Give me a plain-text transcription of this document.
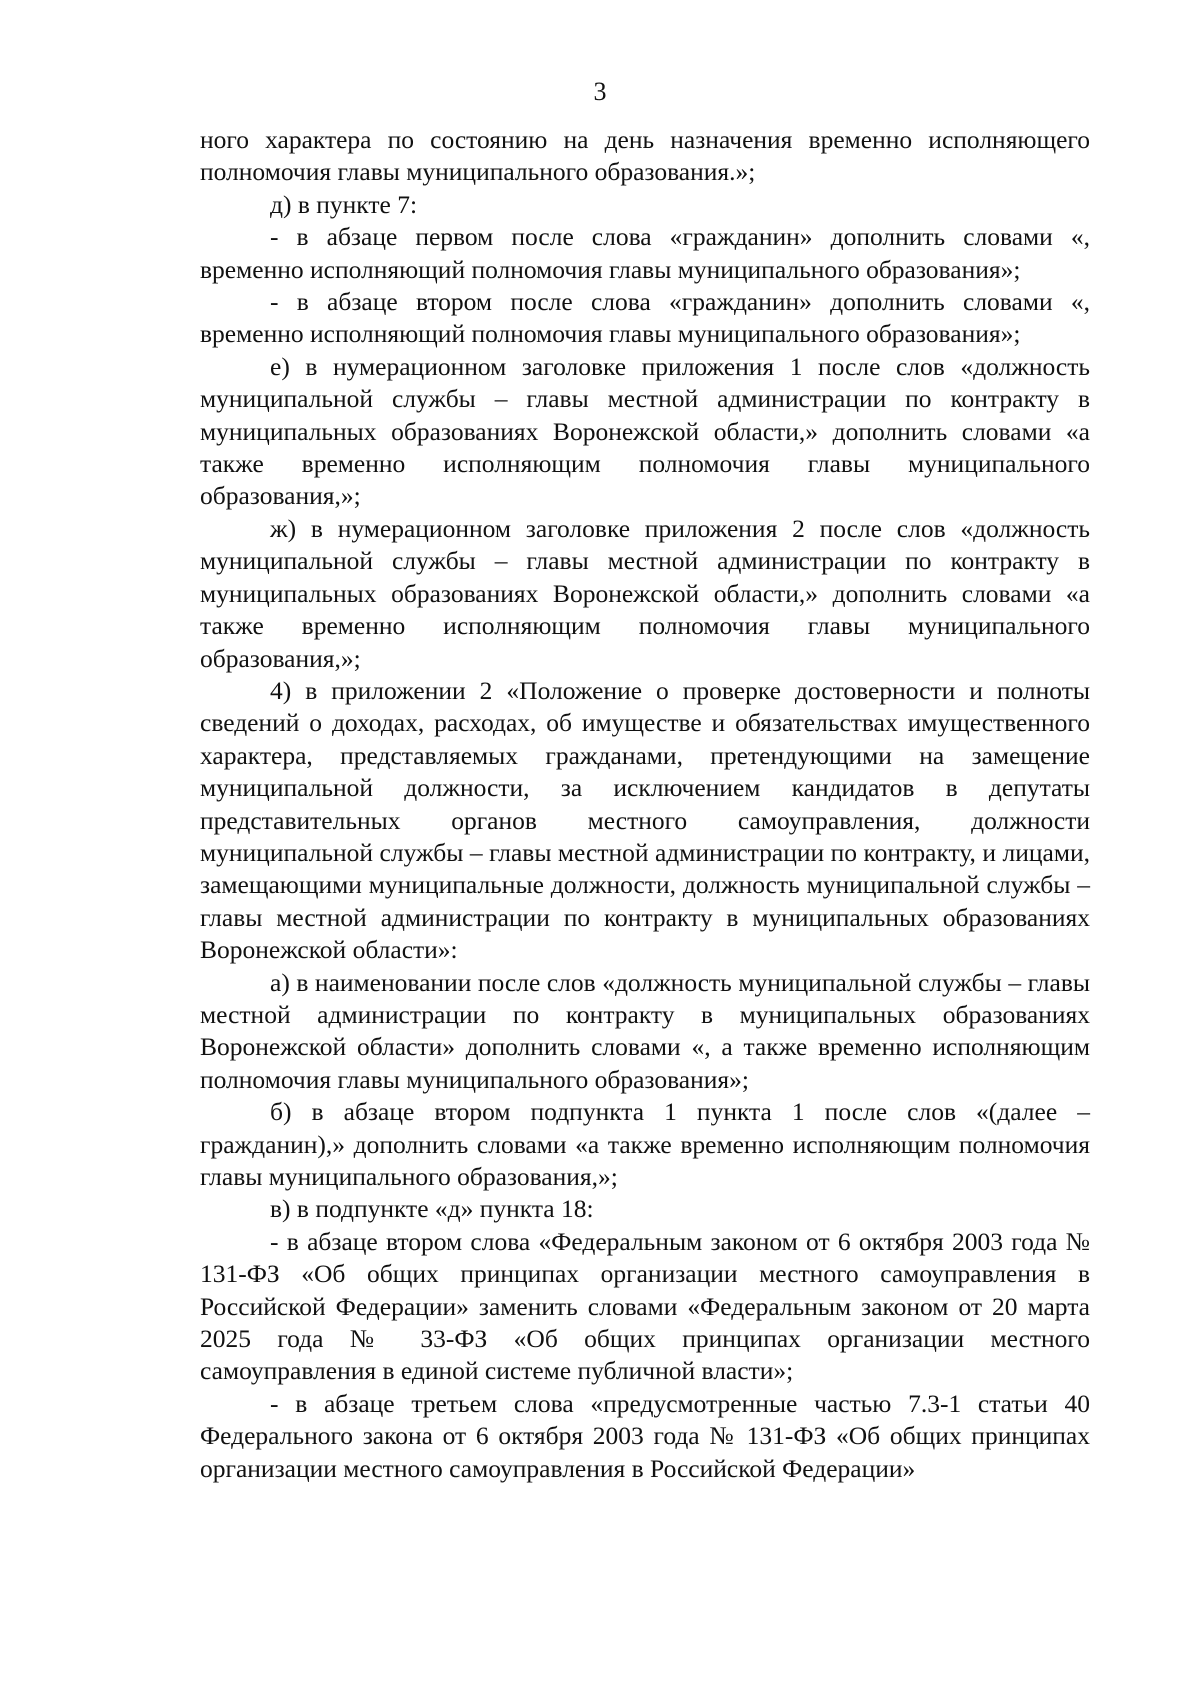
3

ного характера по состоянию на день назначения временно исполняющего полномочия главы муниципального образования.»;

д) в пункте 7:

- в абзаце первом после слова «гражданин» дополнить словами «, временно исполняющий полномочия главы муниципального образования»;

- в абзаце втором после слова «гражданин» дополнить словами «, временно исполняющий полномочия главы муниципального образования»;

е) в нумерационном заголовке приложения 1 после слов «должность муниципальной службы – главы местной администрации по контракту в муниципальных образованиях Воронежской области,» дополнить словами «а также временно исполняющим полномочия главы муниципального образования,»;

ж) в нумерационном заголовке приложения 2 после слов «должность муниципальной службы – главы местной администрации по контракту в муниципальных образованиях Воронежской области,» дополнить словами «а также временно исполняющим полномочия главы муниципального образования,»;

4) в приложении 2 «Положение о проверке достоверности и полноты сведений о доходах, расходах, об имуществе и обязательствах имущественного характера, представляемых гражданами, претендующими на замещение муниципальной должности, за исключением кандидатов в депутаты представительных органов местного самоуправления, должности муниципальной службы – главы местной администрации по контракту, и лицами, замещающими муниципальные должности, должность муниципальной службы – главы местной администрации по контракту в муниципальных образованиях Воронежской области»:

а) в наименовании после слов «должность муниципальной службы – главы местной администрации по контракту в муниципальных образованиях Воронежской области» дополнить словами «, а также временно исполняющим полномочия главы муниципального образования»;

б) в абзаце втором подпункта 1 пункта 1 после слов «(далее – гражданин),» дополнить словами «а также временно исполняющим полномочия главы муниципального образования,»;

в) в подпункте «д» пункта 18:

- в абзаце втором слова «Федеральным законом от 6 октября 2003 года № 131-ФЗ «Об общих принципах организации местного самоуправления в Российской Федерации» заменить словами «Федеральным законом от 20 марта 2025 года № 33-ФЗ «Об общих принципах организации местного самоуправления в единой системе публичной власти»;

- в абзаце третьем слова «предусмотренные частью 7.3-1 статьи 40 Федерального закона от 6 октября 2003 года № 131-ФЗ «Об общих принципах организации местного самоуправления в Российской Федерации»
